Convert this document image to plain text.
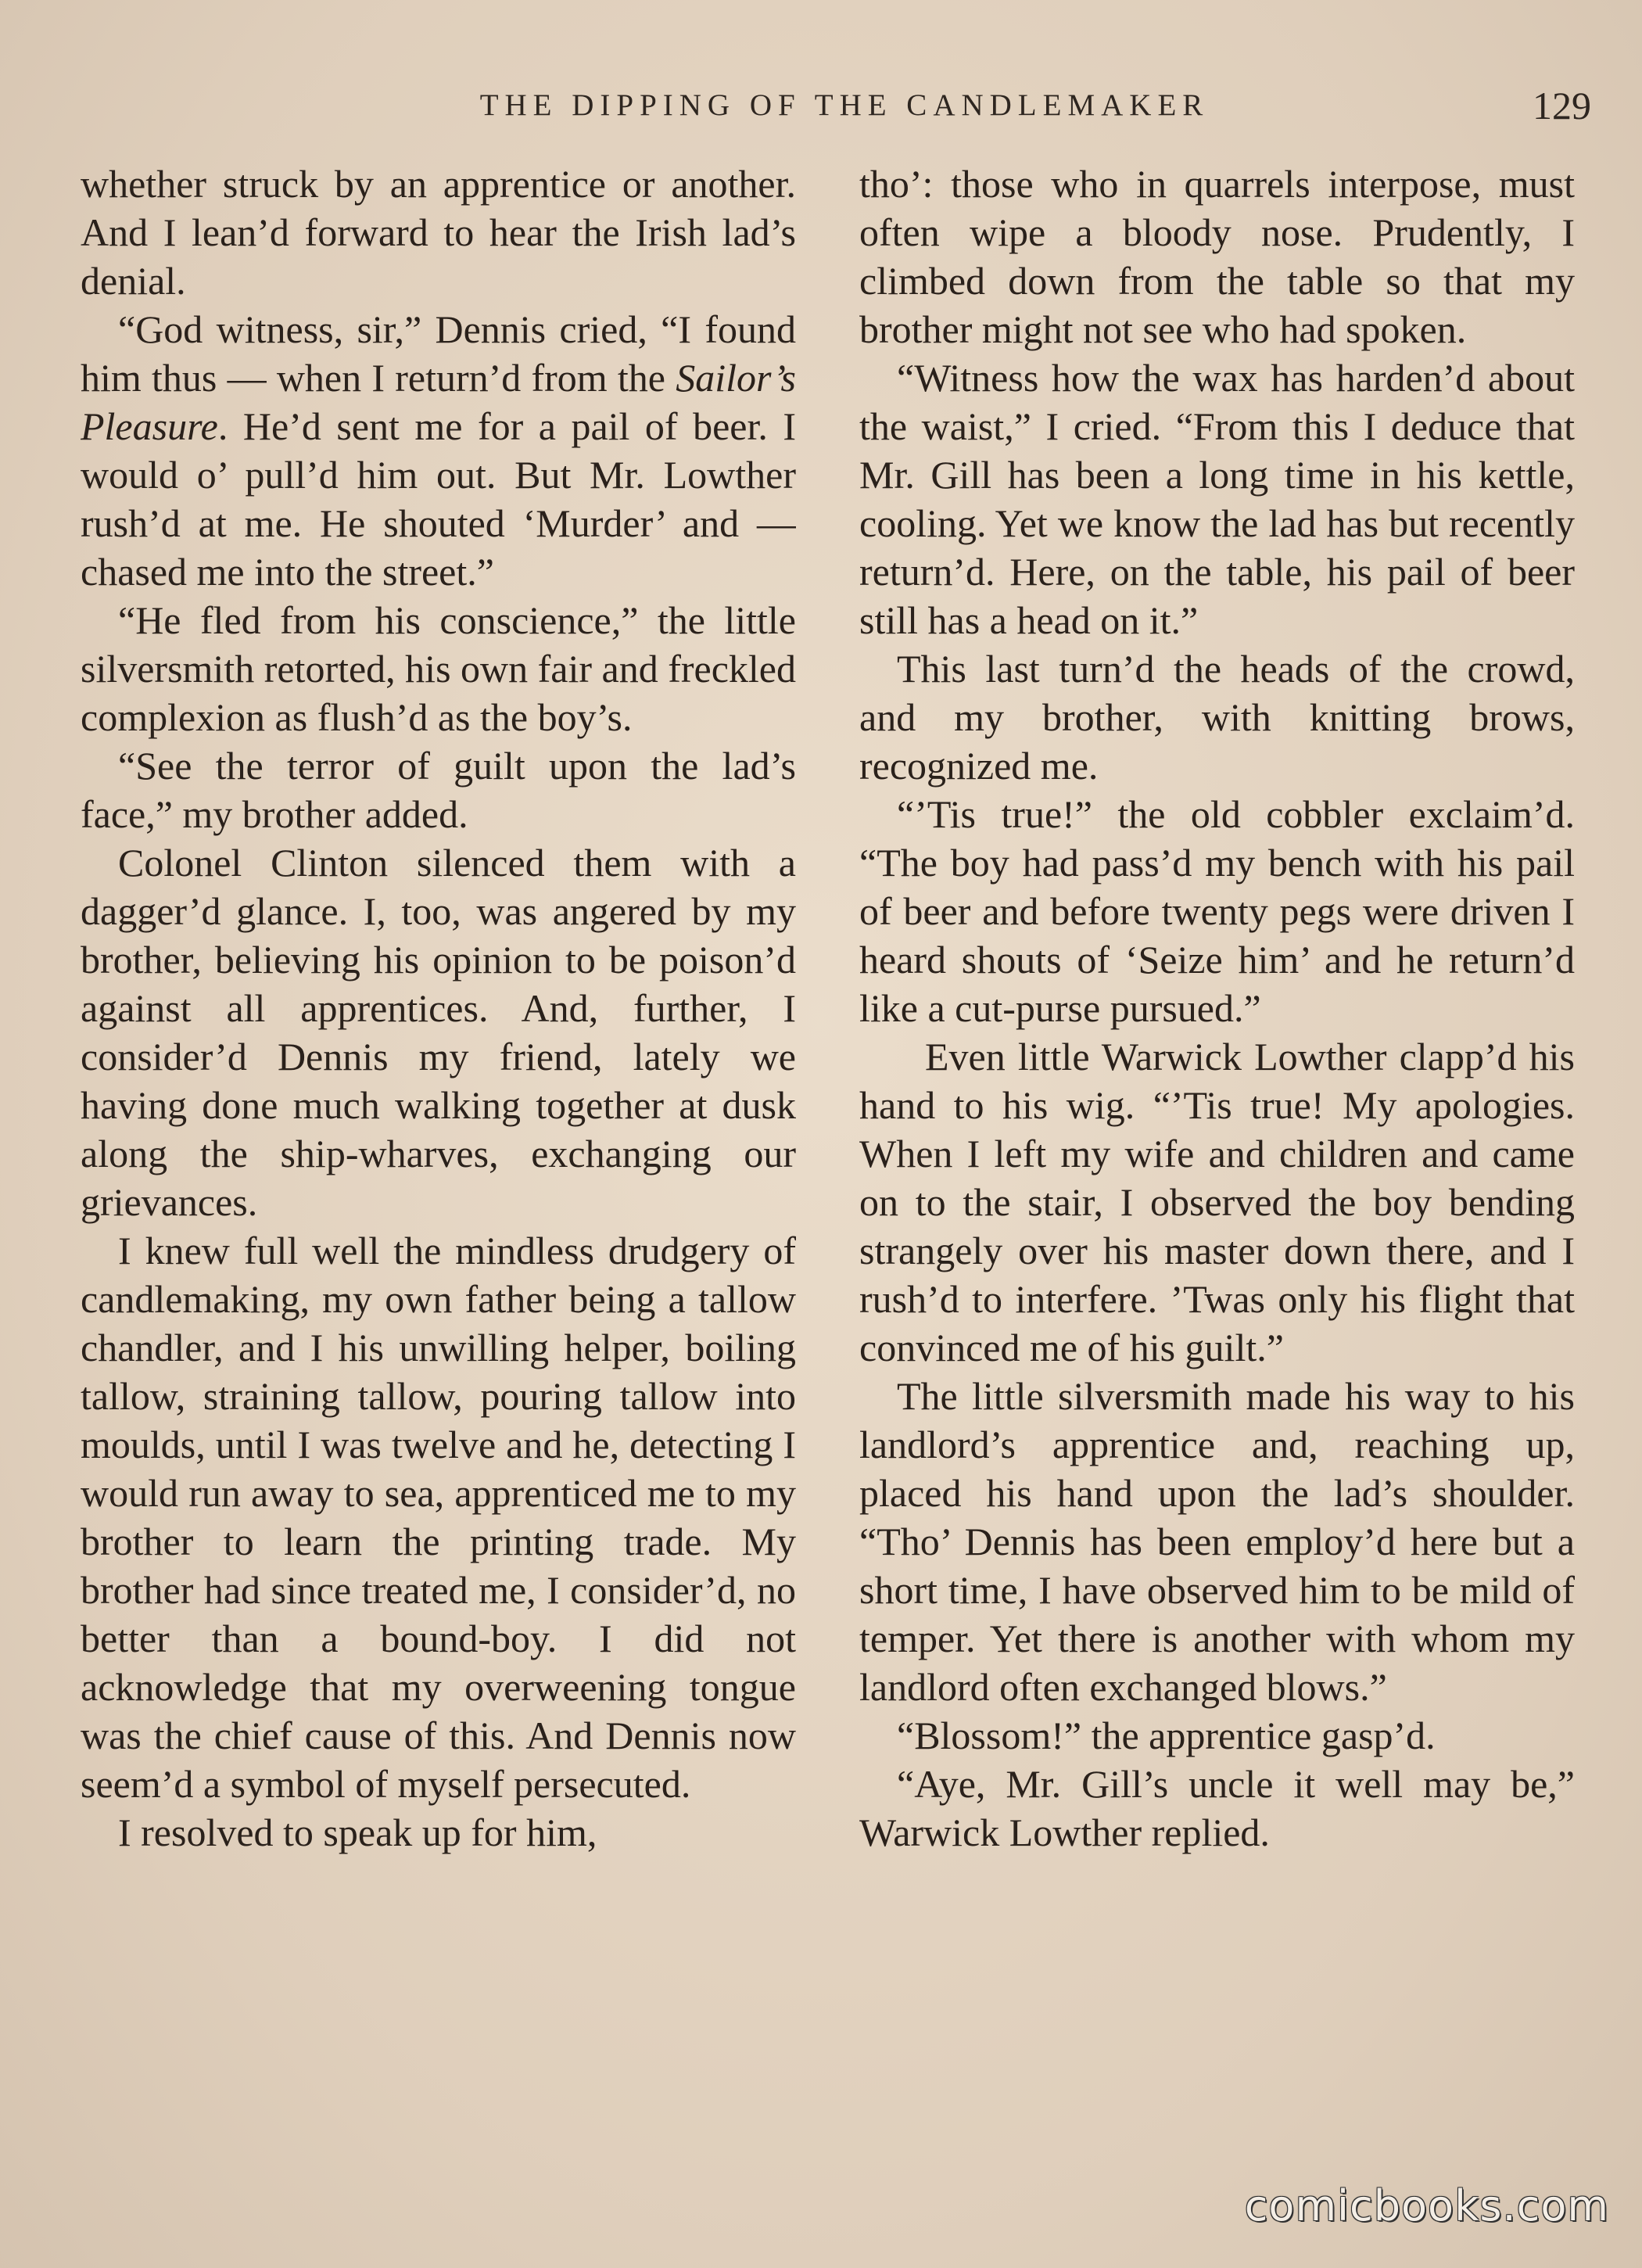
THE DIPPING OF THE CANDLEMAKER	129

whether struck by an apprentice or another. And I lean’d forward to hear the Irish lad’s denial.

“God witness, sir,” Dennis cried, “I found him thus — when I return’d from the Sailor’s Pleasure. He’d sent me for a pail of beer. I would o’ pull’d him out. But Mr. Lowther rush’d at me. He shouted ‘Murder’ and — chased me into the street.”

“He fled from his conscience,” the little silversmith retorted, his own fair and freckled complexion as flush’d as the boy’s.

“See the terror of guilt upon the lad’s face,” my brother added.

Colonel Clinton silenced them with a dagger’d glance. I, too, was angered by my brother, believing his opinion to be poison’d against all apprentices. And, further, I consider’d Dennis my friend, lately we having done much walking together at dusk along the ship-wharves, exchanging our grievances.

I knew full well the mindless drudgery of candlemaking, my own father being a tallow chandler, and I his unwilling helper, boiling tallow, straining tallow, pouring tallow into moulds, until I was twelve and he, detecting I would run away to sea, apprenticed me to my brother to learn the printing trade. My brother had since treated me, I consider’d, no better than a bound-boy. I did not acknowledge that my overweening tongue was the chief cause of this. And Dennis now seem’d a symbol of myself persecuted.

I resolved to speak up for him,

tho’: those who in quarrels interpose, must often wipe a bloody nose. Prudently, I climbed down from the table so that my brother might not see who had spoken.

“Witness how the wax has harden’d about the waist,” I cried. “From this I deduce that Mr. Gill has been a long time in his kettle, cooling. Yet we know the lad has but recently return’d. Here, on the table, his pail of beer still has a head on it.”

This last turn’d the heads of the crowd, and my brother, with knitting brows, recognized me.

“’Tis true!” the old cobbler exclaim’d. “The boy had pass’d my bench with his pail of beer and before twenty pegs were driven I heard shouts of ‘Seize him’ and he return’d like a cut-purse pursued.”

Even little Warwick Lowther clapp’d his hand to his wig. “’Tis true! My apologies. When I left my wife and children and came on to the stair, I observed the boy bending strangely over his master down there, and I rush’d to interfere. ’Twas only his flight that convinced me of his guilt.”

The little silversmith made his way to his landlord’s apprentice and, reaching up, placed his hand upon the lad’s shoulder. “Tho’ Dennis has been employ’d here but a short time, I have observed him to be mild of temper. Yet there is another with whom my landlord often exchanged blows.”

“Blossom!” the apprentice gasp’d.

“Aye, Mr. Gill’s uncle it well may be,” Warwick Lowther replied.

comicbooks.com
